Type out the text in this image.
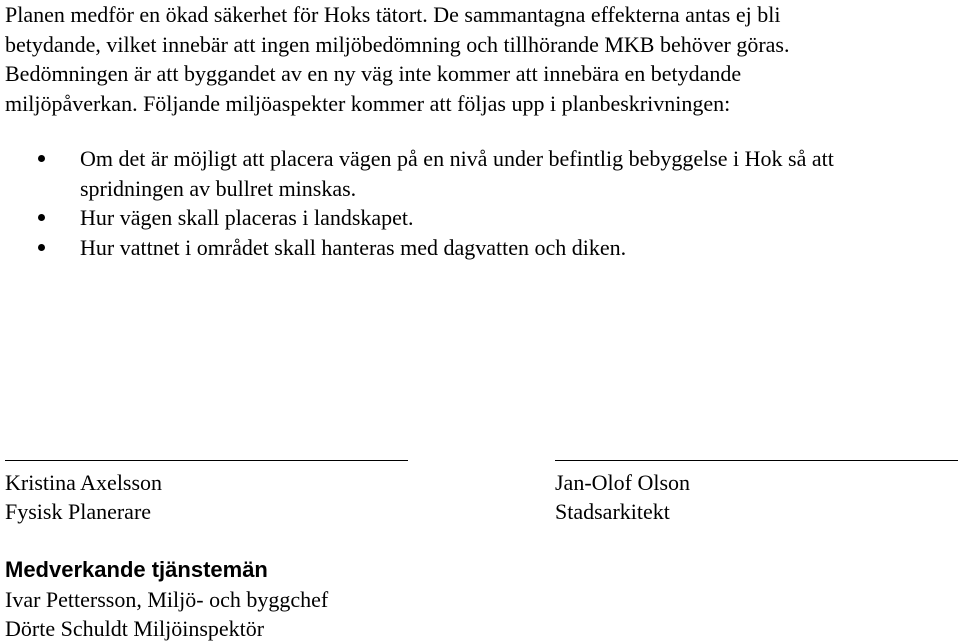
Planen medför en ökad säkerhet för Hoks tätort. De sammantagna effekterna antas ej bli
betydande, vilket innebär att ingen miljöbedömning och tillhörande MKB behöver göras.
Bedömningen är att byggandet av en ny väg inte kommer att innebära en betydande
miljöpåverkan. Följande miljöaspekter kommer att följas upp i planbeskrivningen:
Om det är möjligt att placera vägen på en nivå under befintlig bebyggelse i Hok så att
spridningen av bullret minskas.
Hur vägen skall placeras i landskapet.
Hur vattnet i området skall hanteras med dagvatten och diken.
Kristina Axelsson
Fysisk Planerare
Jan-Olof Olson
Stadsarkitekt
Medverkande tjänstemän
Ivar Pettersson, Miljö- och byggchef
Dörte Schuldt Miljöinspektör
